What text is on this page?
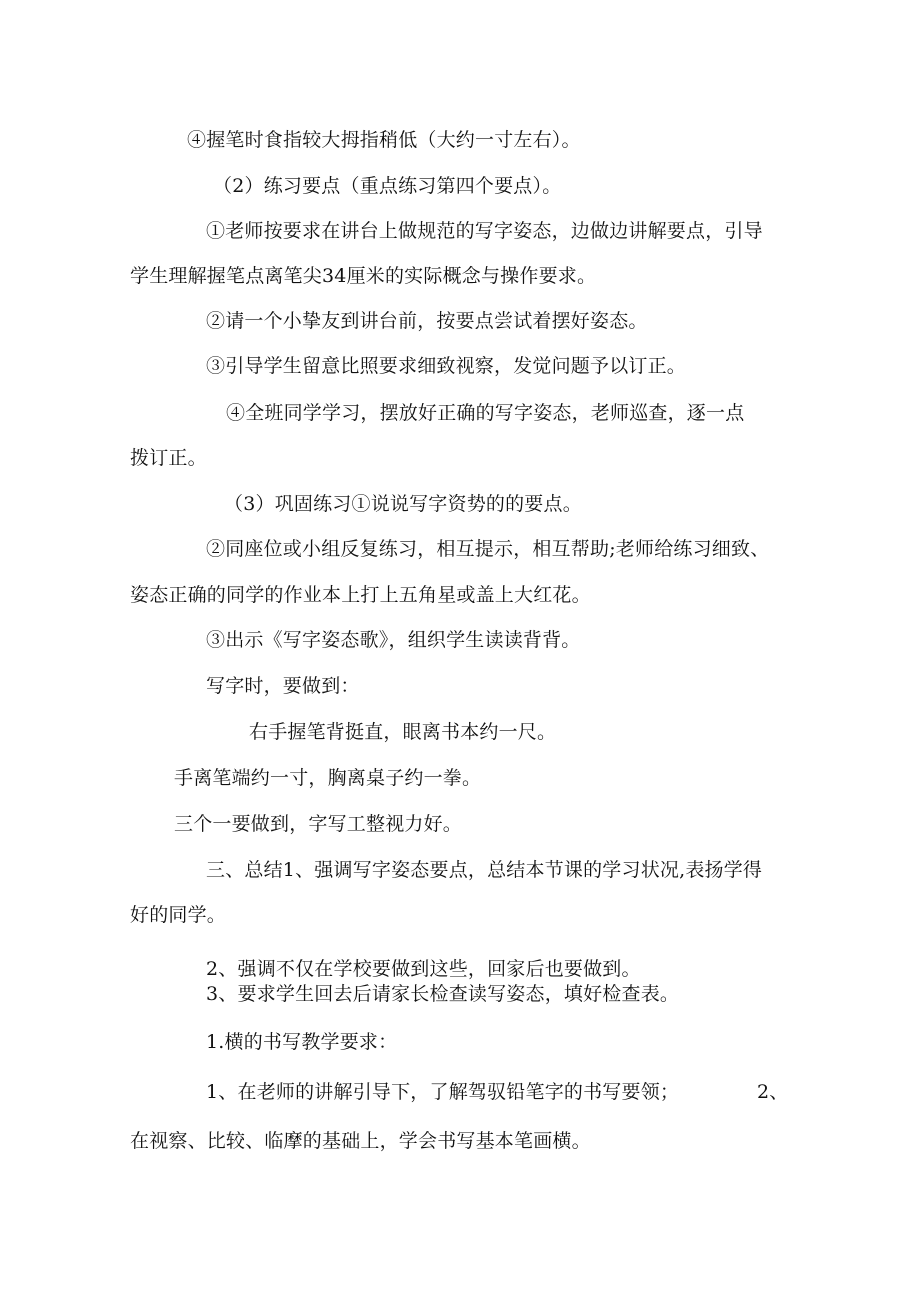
④握笔时食指较大拇指稍低（大约一寸左右）。
（2）练习要点（重点练习第四个要点）。
①老师按要求在讲台上做规范的写字姿态，边做边讲解要点，引导
学生理解握笔点离笔尖34厘米的实际概念与操作要求。
②请一个小挚友到讲台前，按要点尝试着摆好姿态。
③引导学生留意比照要求细致视察，发觉问题予以订正。
④全班同学学习，摆放好正确的写字姿态，老师巡查，逐一点
拨订正。
（3）巩固练习①说说写字资势的的要点。
②同座位或小组反复练习，相互提示，相互帮助;老师给练习细致、
姿态正确的同学的作业本上打上五角星或盖上大红花。
③出示《写字姿态歌》，组织学生读读背背。
写字时，要做到：
右手握笔背挺直，眼离书本约一尺。
手离笔端约一寸，胸离桌子约一拳。
三个一要做到，字写工整视力好。
三、总结1、强调写字姿态要点，总结本节课的学习状况,表扬学得
好的同学。
2、强调不仅在学校要做到这些，回家后也要做到。
3、要求学生回去后请家长检查读写姿态，填好检查表。
1.横的书写教学要求：
1、在老师的讲解引导下，了解驾驭铅笔字的书写要领；	2、
在视察、比较、临摩的基础上，学会书写基本笔画横。
